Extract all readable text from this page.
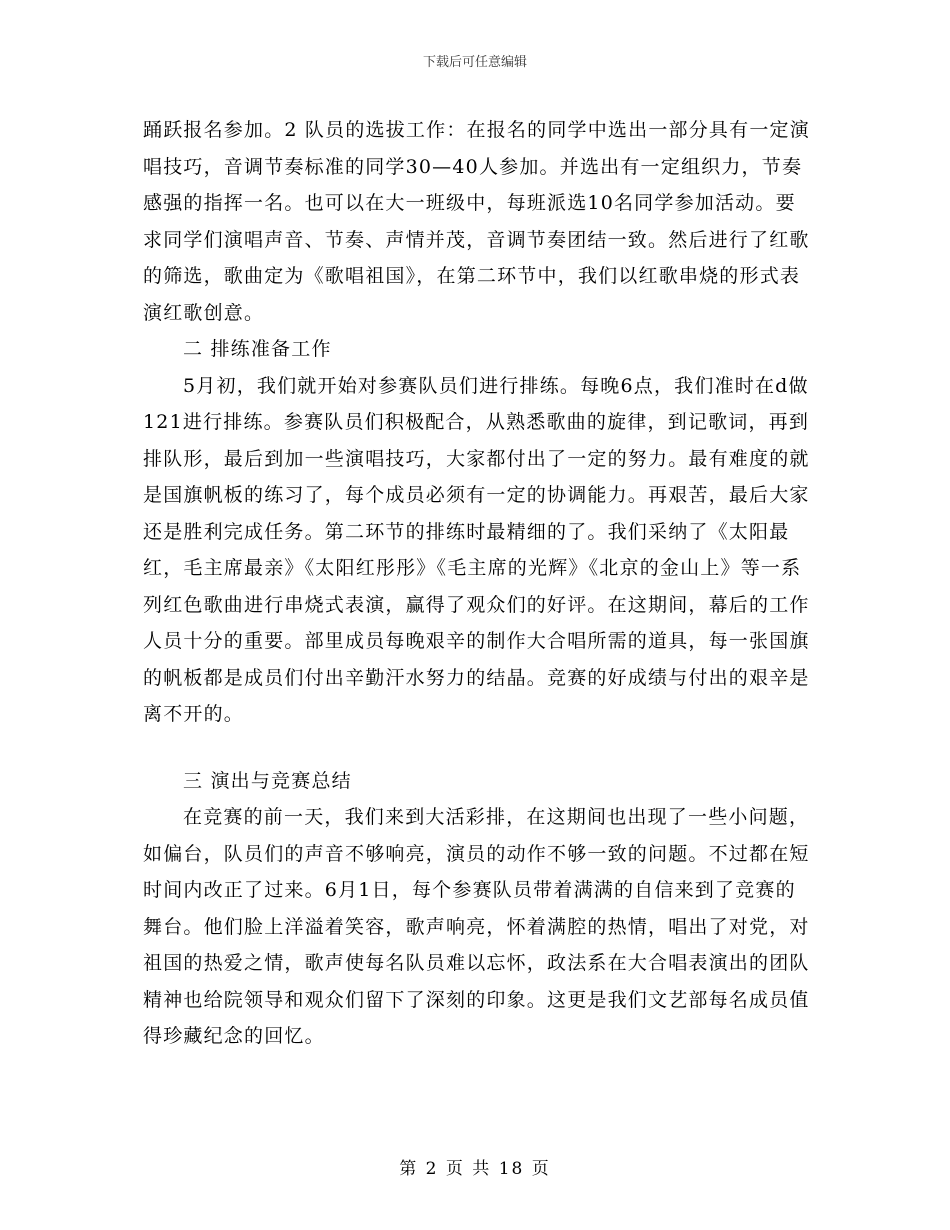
下载后可任意编辑

踊跃报名参加。2 队员的选拔工作：在报名的同学中选出一部分具有一定演唱技巧，音调节奏标准的同学30—40人参加。并选出有一定组织力，节奏感强的指挥一名。也可以在大一班级中，每班派选10名同学参加活动。要求同学们演唱声音、节奏、声情并茂，音调节奏团结一致。然后进行了红歌的筛选，歌曲定为《歌唱祖国》，在第二环节中，我们以红歌串烧的形式表演红歌创意。

二 排练准备工作

5月初，我们就开始对参赛队员们进行排练。每晚6点，我们准时在d做121进行排练。参赛队员们积极配合，从熟悉歌曲的旋律，到记歌词，再到排队形，最后到加一些演唱技巧，大家都付出了一定的努力。最有难度的就是国旗帆板的练习了，每个成员必须有一定的协调能力。再艰苦，最后大家还是胜利完成任务。第二环节的排练时最精细的了。我们采纳了《太阳最红，毛主席最亲》《太阳红彤彤》《毛主席的光辉》《北京的金山上》等一系列红色歌曲进行串烧式表演，赢得了观众们的好评。在这期间，幕后的工作人员十分的重要。部里成员每晚艰辛的制作大合唱所需的道具，每一张国旗的帆板都是成员们付出辛勤汗水努力的结晶。竞赛的好成绩与付出的艰辛是离不开的。

三 演出与竞赛总结

在竞赛的前一天，我们来到大活彩排，在这期间也出现了一些小问题，如偏台，队员们的声音不够响亮，演员的动作不够一致的问题。不过都在短时间内改正了过来。6月1日，每个参赛队员带着满满的自信来到了竞赛的舞台。他们脸上洋溢着笑容，歌声响亮，怀着满腔的热情，唱出了对党，对祖国的热爱之情，歌声使每名队员难以忘怀，政法系在大合唱表演出的团队精神也给院领导和观众们留下了深刻的印象。这更是我们文艺部每名成员值得珍藏纪念的回忆。

第 2 页 共 18 页
